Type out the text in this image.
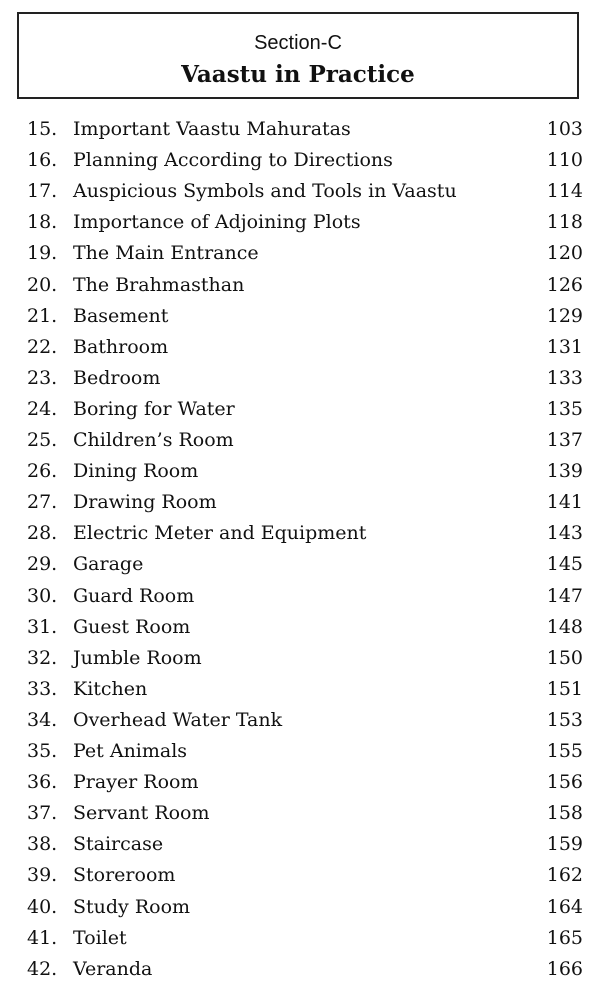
Section-C
Vaastu in Practice
15. Important Vaastu Mahuratas	103
16. Planning According to Directions	110
17. Auspicious Symbols and Tools in Vaastu	114
18. Importance of Adjoining Plots	118
19. The Main Entrance	120
20. The Brahmasthan	126
21. Basement	129
22. Bathroom	131
23. Bedroom	133
24. Boring for Water	135
25. Children’s Room	137
26. Dining Room	139
27. Drawing Room	141
28. Electric Meter and Equipment	143
29. Garage	145
30. Guard Room	147
31. Guest Room	148
32. Jumble Room	150
33. Kitchen	151
34. Overhead Water Tank	153
35. Pet Animals	155
36. Prayer Room	156
37. Servant Room	158
38. Staircase	159
39. Storeroom	162
40. Study Room	164
41. Toilet	165
42. Veranda	166
